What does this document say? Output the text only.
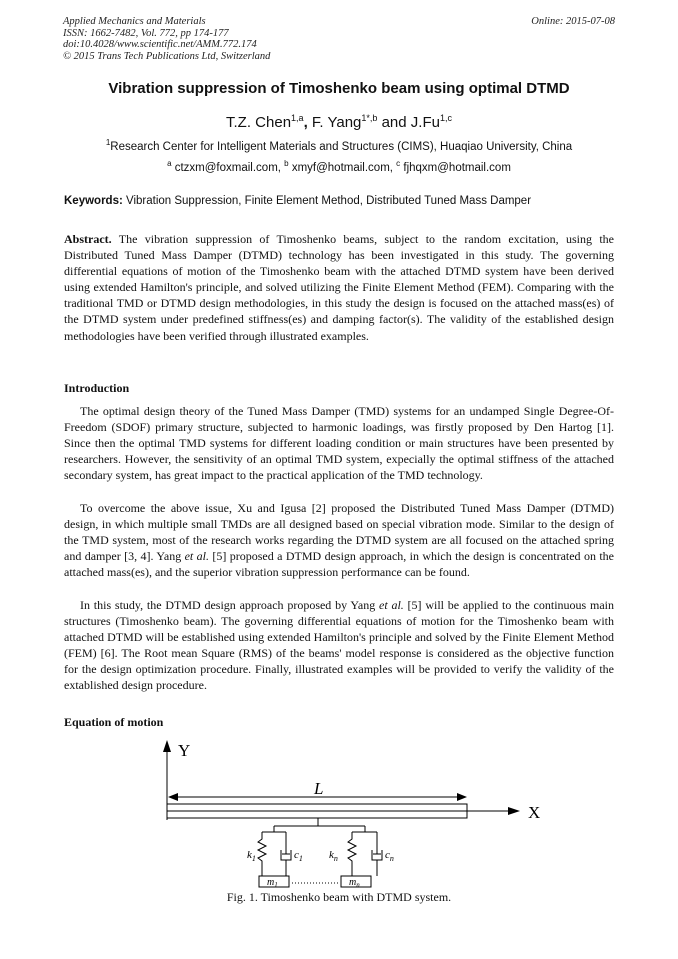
Applied Mechanics and Materials
ISSN: 1662-7482, Vol. 772, pp 174-177
doi:10.4028/www.scientific.net/AMM.772.174
© 2015 Trans Tech Publications Ltd, Switzerland
Online: 2015-07-08
Vibration suppression of Timoshenko beam using optimal DTMD
T.Z. Chen$^{1,a}$, F. Yang$^{1*,b}$ and J.Fu$^{1,c}$
$^1$Research Center for Intelligent Materials and Structures (CIMS), Huaqiao University, China
$^a$ ctzxm@foxmail.com, $^b$ xmyf@hotmail.com, $^c$ fjhqxm@hotmail.com
Keywords: Vibration Suppression, Finite Element Method, Distributed Tuned Mass Damper
Abstract. The vibration suppression of Timoshenko beams, subject to the random excitation, using the Distributed Tuned Mass Damper (DTMD) technology has been investigated in this study. The governing differential equations of motion of the Timoshenko beam with the attached DTMD system have been derived using extended Hamilton's principle, and solved utilizing the Finite Element Method (FEM). Comparing with the traditional TMD or DTMD design methodologies, in this study the design is focused on the attached mass(es) of the DTMD system under predefined stiffness(es) and damping factor(s). The validity of the established design methodologies have been verified through illustrated examples.
Introduction
The optimal design theory of the Tuned Mass Damper (TMD) systems for an undamped Single Degree-Of-Freedom (SDOF) primary structure, subjected to harmonic loadings, was firstly proposed by Den Hartog [1]. Since then the optimal TMD systems for different loading condition or main structures have been presented by researchers. However, the sensitivity of an optimal TMD system, expecially the optimal stiffness of the attached secondary system, has great impact to the practical application of the TMD technology.
To overcome the above issue, Xu and Igusa [2] proposed the Distributed Tuned Mass Damper (DTMD) design, in which multiple small TMDs are all designed based on special vibration mode. Similar to the design of the TMD system, most of the research works regarding the DTMD system are all focused on the attached spring and damper [3, 4]. Yang et al. [5] proposed a DTMD design approach, in which the design is concentrated on the attached mass(es), and the superior vibration suppression performance can be found.
In this study, the DTMD design approach proposed by Yang et al. [5] will be applied to the continuous main structures (Timoshenko beam). The governing differential equations of motion for the Timoshenko beam with attached DTMD will be established using extended Hamilton's principle and solved by the Finite Element Method (FEM) [6]. The Root mean Square (RMS) of the beams' model response is considered as the objective function for the design optimization procedure. Finally, illustrated examples will be provided to verify the validity of the extablished design procedure.
Equation of motion
Y
X
L
$k_1$	$c_1$
$m_1$
$k_n$	$c_n$
$m_n$
Fig. 1. Timoshenko beam with DTMD system.
